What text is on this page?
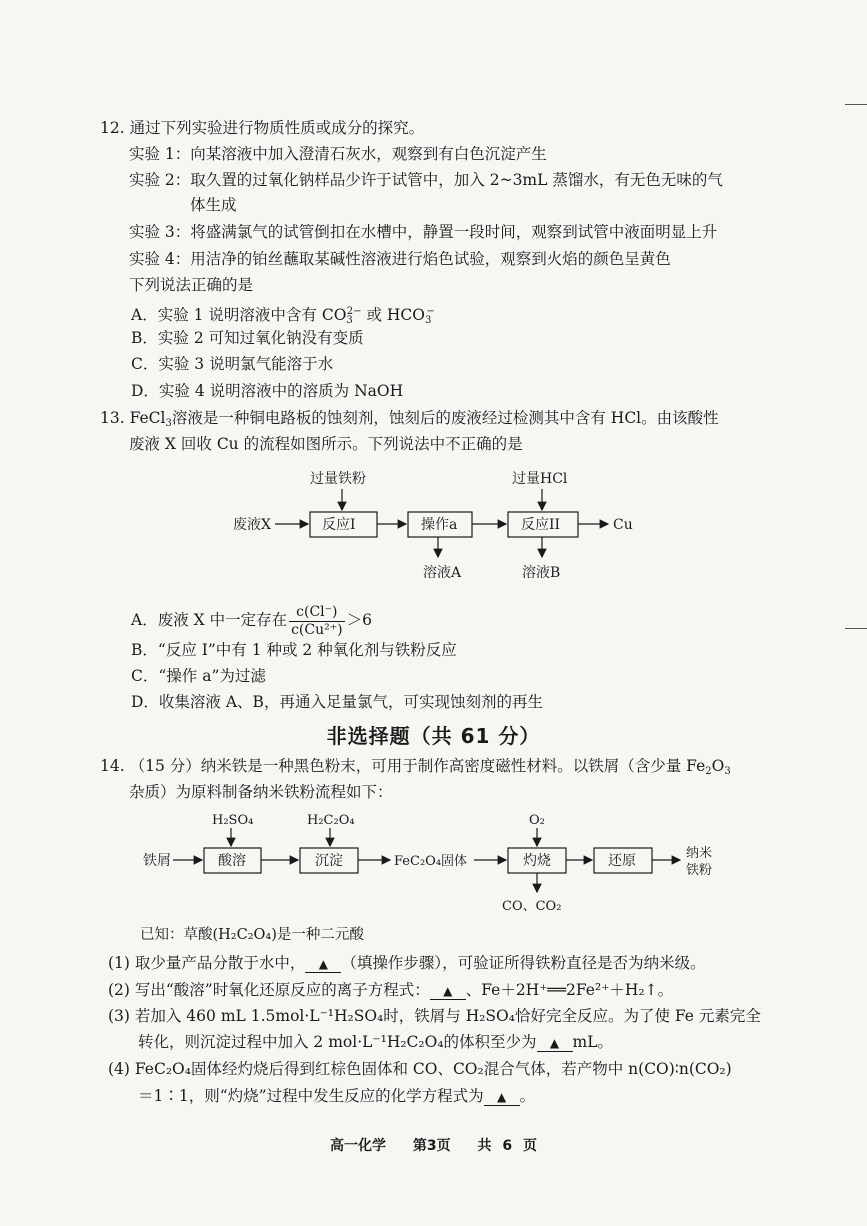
12. 通过下列实验进行物质性质或成分的探究。
实验 1：向某溶液中加入澄清石灰水，观察到有白色沉淀产生
实验 2：取久置的过氧化钠样品少许于试管中，加入 2~3mL 蒸馏水，有无色无味的气
体生成
实验 3：将盛满氯气的试管倒扣在水槽中，静置一段时间，观察到试管中液面明显上升
实验 4：用洁净的铂丝蘸取某碱性溶液进行焰色试验，观察到火焰的颜色呈黄色
下列说法正确的是
A．实验 1 说明溶液中含有 $CO_3^{2-}$ 或 $HCO_3^-$
B．实验 2 可知过氧化钠没有变质
C．实验 3 说明氯气能溶于水
D．实验 4 说明溶液中的溶质为 NaOH
13. FeCl$_3$溶液是一种铜电路板的蚀刻剂，蚀刻后的废液经过检测其中含有 HCl。由该酸性
废液 X 回收 Cu 的流程如图所示。下列说法中不正确的是
过量铁粉	过量HCl
废液X	反应I	操作a	反应II	Cu
溶液A	溶液B
A．废液 X 中一定存在 $\frac{c(Cl^-)}{\text{c(Cu²⁺)}} >6$
B．“反应 I”中有 1 种或 2 种氧化剂与铁粉反应
C．“操作 a”为过滤
D．收集溶液 A、B，再通入足量氯气，可实现蚀刻剂的再生
非选择题（共 61 分）
14. （15 分）纳米铁是一种黑色粉末，可用于制作高密度磁性材料。以铁屑（含少量 $Fe_2O_3$
杂质）为原料制备纳米铁粉流程如下：
H₂SO₄	H₂C₂O₄	O₂
铁屑	酸溶	沉淀	FeC₂O₄固体	灼烧	还原	纳米
铁粉
CO、CO₂
已知：草酸(H₂C₂O₄)是一种二元酸
(1) 取少量产品分散于水中， ▲ （填操作步骤），可验证所得铁粉直径是否为纳米级。
(2) 写出“酸溶”时氧化还原反应的离子方程式： ▲ 、Fe＋2H⁺══2Fe²⁺＋H₂↑。
(3) 若加入 460 mL 1.5mol·L⁻¹H₂SO₄时，铁屑与 H₂SO₄恰好完全反应。为了使 Fe 元素完全
转化，则沉淀过程中加入 2 mol·L⁻¹H₂C₂O₄的体积至少为 ▲ mL。
(4) FeC₂O₄固体经灼烧后得到红棕色固体和 CO、CO₂混合气体，若产物中 n(CO)∶n(CO₂)
＝1∶1，则“灼烧”过程中发生反应的化学方程式为 ▲ 。
高一化学 第3页 共 6 页
